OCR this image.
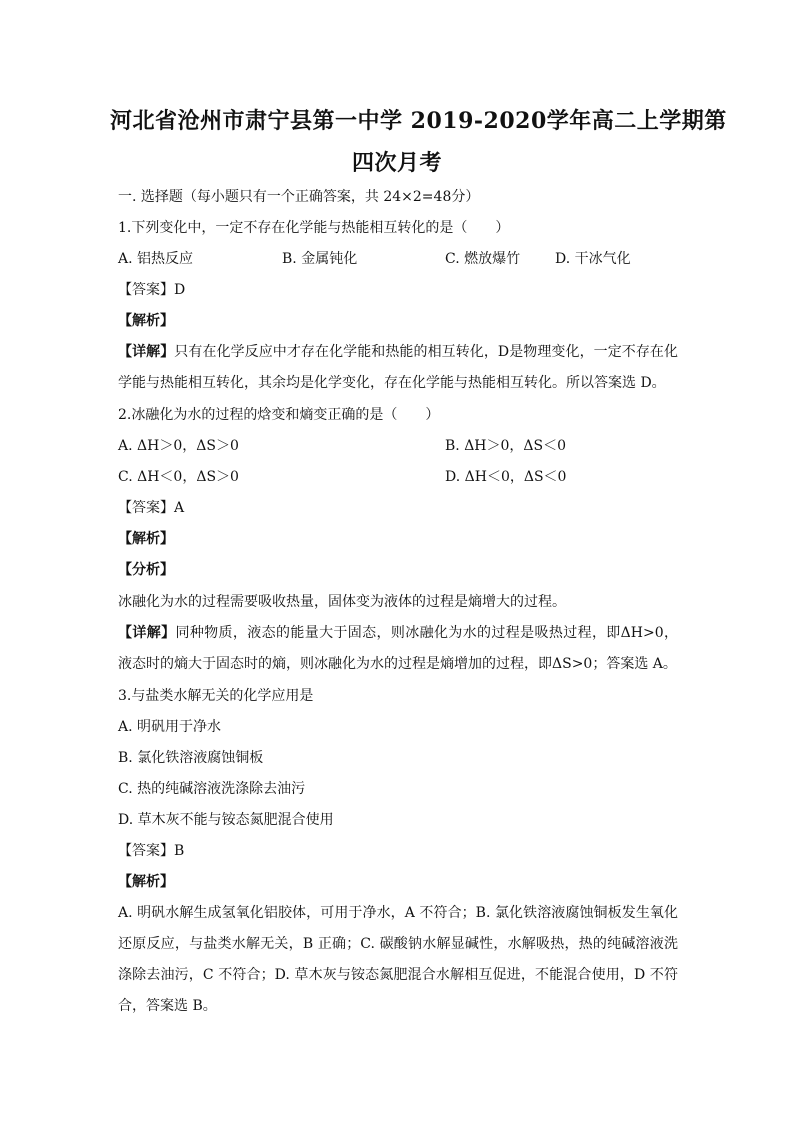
河北省沧州市肃宁县第一中学 2019-2020学年高二上学期第
四次月考
一. 选择题（每小题只有一个正确答案，共 24×2=48分）
1.下列变化中，一定不存在化学能与热能相互转化的是（　　）
A. 铝热反应	B. 金属钝化	C. 燃放爆竹 D. 干冰气化
【答案】D
【解析】
【详解】只有在化学反应中才存在化学能和热能的相互转化，D是物理变化，一定不存在化学能与热能相互转化，其余均是化学变化，存在化学能与热能相互转化。所以答案选 D。
2.冰融化为水的过程的焓变和熵变正确的是（　　）
A. ΔH＞0，ΔS＞0	B. ΔH＞0，ΔS＜0
C. ΔH＜0，ΔS＞0	D. ΔH＜0，ΔS＜0
【答案】A
【解析】
【分析】
冰融化为水的过程需要吸收热量，固体变为液体的过程是熵增大的过程。
【详解】同种物质，液态的能量大于固态，则冰融化为水的过程是吸热过程，即ΔH>0，液态时的熵大于固态时的熵，则冰融化为水的过程是熵增加的过程，即ΔS>0；答案选 A。
3.与盐类水解无关的化学应用是
A. 明矾用于净水
B. 氯化铁溶液腐蚀铜板
C. 热的纯碱溶液洗涤除去油污
D. 草木灰不能与铵态氮肥混合使用
【答案】B
【解析】
A. 明矾水解生成氢氧化铝胶体，可用于净水，A 不符合；B. 氯化铁溶液腐蚀铜板发生氧化还原反应，与盐类水解无关，B 正确；C. 碳酸钠水解显碱性，水解吸热，热的纯碱溶液洗涤除去油污，C 不符合；D. 草木灰与铵态氮肥混合水解相互促进，不能混合使用，D 不符合，答案选 B。
